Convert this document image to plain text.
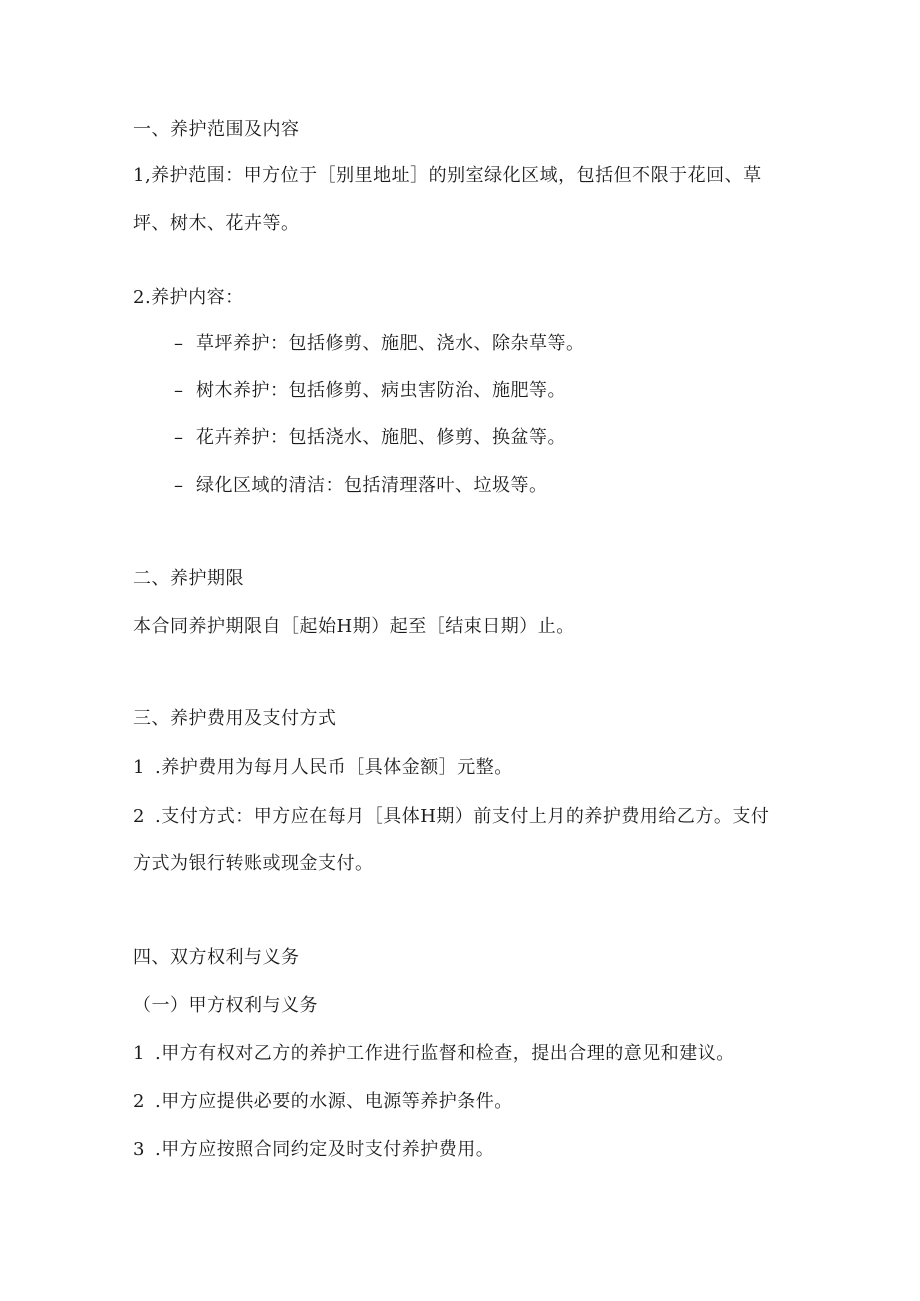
一、养护范围及内容
1,养护范围：甲方位于［别里地址］的别室绿化区域，包括但不限于花回、草
坪、树木、花卉等。
2.养护内容：
– 草坪养护：包括修剪、施肥、浇水、除杂草等。
– 树木养护：包括修剪、病虫害防治、施肥等。
– 花卉养护：包括浇水、施肥、修剪、换盆等。
– 绿化区域的清洁：包括清理落叶、垃圾等。
二、养护期限
本合同养护期限自［起始H期）起至［结束日期）止。
三、养护费用及支付方式
1 .养护费用为每月人民币［具体金额］元整。
2 .支付方式：甲方应在每月［具体H期）前支付上月的养护费用给乙方。支付
方式为银行转账或现金支付。
四、双方权利与义务
（一）甲方权利与义务
1 .甲方有权对乙方的养护工作进行监督和检查，提出合理的意见和建议。
2 .甲方应提供必要的水源、电源等养护条件。
3 .甲方应按照合同约定及时支付养护费用。
